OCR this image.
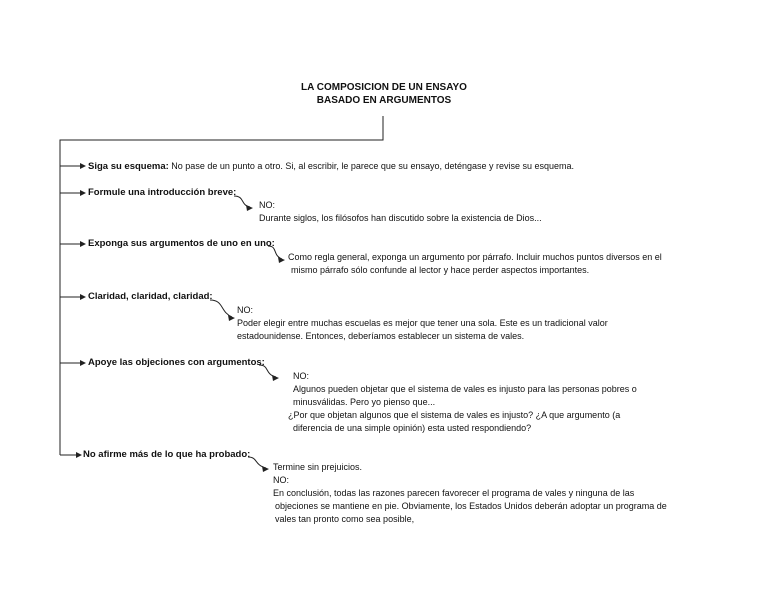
LA COMPOSICION DE UN ENSAYO
BASADO EN ARGUMENTOS
Siga su esquema: No pase de un punto a otro. Si, al escribir, le parece que su ensayo, deténgase y revise su esquema.
Formule una introducción breve:
NO:
Durante siglos, los filósofos han discutido sobre la existencia de Dios...
Exponga sus argumentos de uno en uno:
Como regla general, exponga un argumento por párrafo. Incluir muchos puntos diversos en el
mismo párrafo sólo confunde al lector y hace perder aspectos importantes.
Claridad, claridad, claridad:
NO:
Poder elegir entre muchas escuelas es mejor que tener una sola. Este es un tradicional valor
estadounidense. Entonces, deberíamos establecer un sistema de vales.
Apoye las objeciones con argumentos:
NO:
Algunos pueden objetar que el sistema de vales es injusto para las personas pobres o
minusválidas. Pero yo pienso que...
¿Por que objetan algunos que el sistema de vales es injusto? ¿A que argumento (a
diferencia de una simple opinión) esta usted respondiendo?
No afirme más de lo que ha probado:
Termine sin prejuicios.
NO:
En conclusión, todas las razones parecen favorecer el programa de vales y ninguna de las
objeciones se mantiene en pie. Obviamente, los Estados Unidos deberán adoptar un programa de
vales tan pronto como sea posible,
